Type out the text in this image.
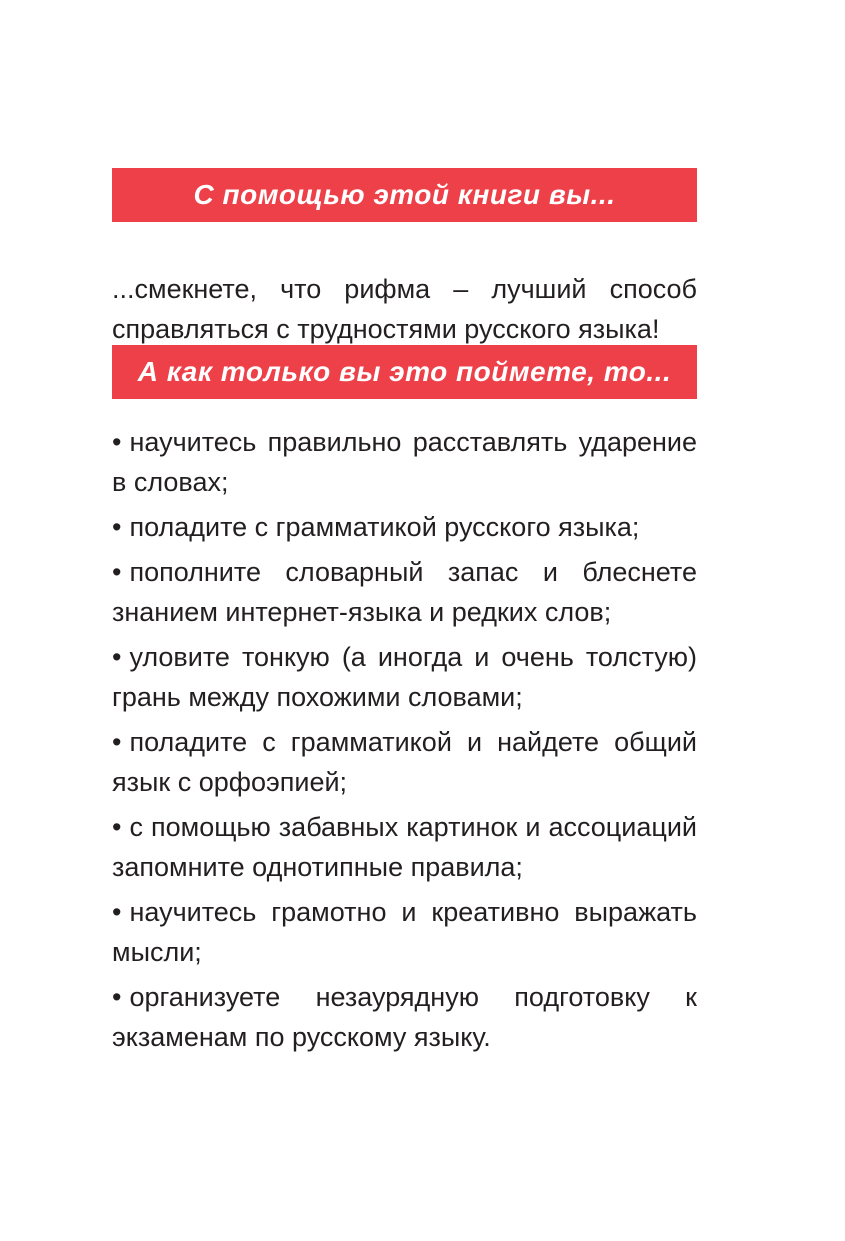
С помощью этой книги вы...

...смекнете, что рифма – лучший способ справляться с трудностями русского языка!

А как только вы это поймете, то...
• научитесь правильно расставлять ударение в словах;
• поладите с грамматикой русского языка;
• пополните словарный запас и блеснете знанием интернет-языка и редких слов;
• уловите тонкую (а иногда и очень толстую) грань между похожими словами;
• поладите с грамматикой и найдете общий язык с орфоэпией;
• с помощью забавных картинок и ассоциаций запомните однотипные правила;
• научитесь грамотно и креативно выражать мысли;
• организуете незаурядную подготовку к экзаменам по русскому языку.
